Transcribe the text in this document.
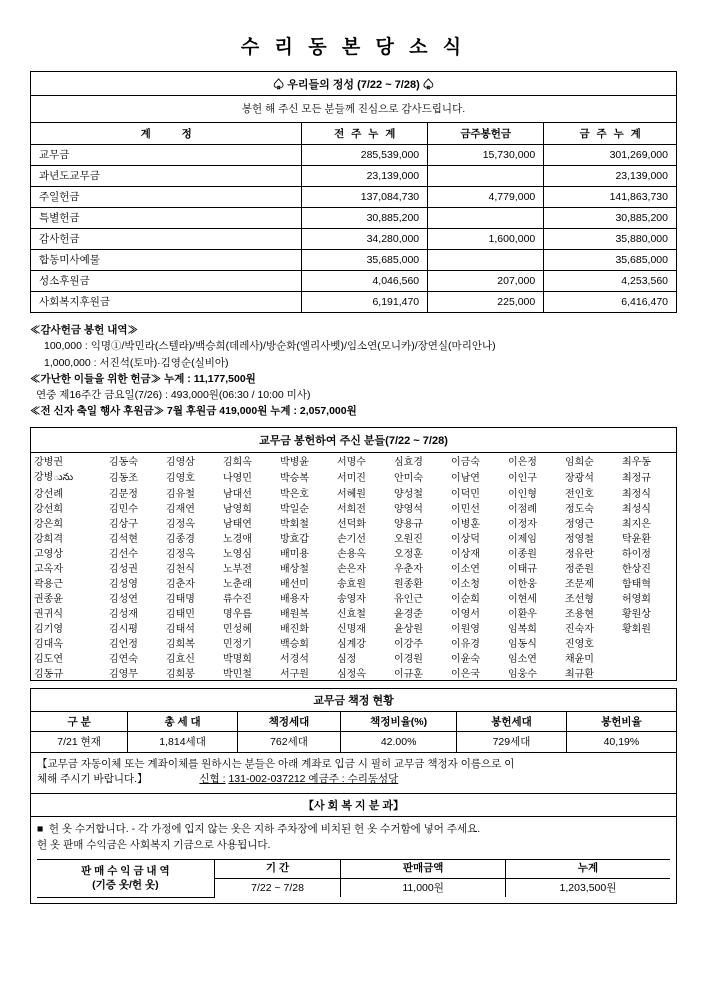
수 리 동 본 당 소 식
♤ 우리들의 정성 (7/22 ~ 7/28) ♤
봉헌 해 주신 모든 분들께 진심으로 감사드립니다.
계 정	전 주 누 계	금주봉헌금	금 주 누 계
교무금	285,539,000	15,730,000	301,269,000
과년도교무금	23,139,000		23,139,000
주일헌금	137,084,730	4,779,000	141,863,730
특별헌금	30,885,200		30,885,200
감사헌금	34,280,000	1,600,000	35,880,000
합동미사예물	35,685,000		35,685,000
성소후원금	4,046,560	207,000	4,253,560
사회복지후원금	6,191,470	225,000	6,416,470
≪감사헌금 봉헌 내역≫
100,000 : 익명①/박민라(스텔라)/백승희(데레사)/방순화(엘리사벳)/임소연(모니카)/장연실(마리안나)
1,000,000 : 서진석(토마)·김영순(실비아)
≪가난한 이들을 위한 헌금≫ 누계 : 11,177,500원
연중 제16주간 금요일(7/26) : 493,000원(06:30 / 10:00 미사)
≪전 신자 축일 행사 후원금≫ 7월 후원금 419,000원 누계 : 2,057,000원
교무금 봉헌하여 주신 분들(7/22 ~ 7/28)
강병권	김동숙	김영삼	김희옥	박병윤	서명수	심효경	이금숙	이은정	임희순	최우동
강병ును	김동조	김영호	나영민	박승복	서미진	안미숙	이남연	이인구	장광석	최정규
강선례	김문정	김유철	남대선	박은호	서혜원	양성철	이덕민	이인형	전인호	최정식
강선희	김민수	김재연	남영희	박일순	서희전	양영석	이민선	이점례	정도숙	최성식
강은희	김상구	김정옥	남태연	박회철	선덕화	양용규	이병훈	이정자	정영근	최지은
강희격	김석현	김종경	노경애	방효갑	손기선	오원진	이상덕	이제임	정영철	탁윤환
고영상	김선수	김정옥	노영심	배미용	손용옥	오정훈	이상재	이종원	정유란	하이정
고옥자	김성권	김천식	노부전	배상철	손은자	우춘자	이소연	이태규	정준원	한상진
곽용근	김성영	김춘자	노춘래	배선미	송효원	원종환	이소청	이한웅	조문제	함태혁
권종윤	김성연	김태명	류수진	배용자	송영자	유인근	이순희	이현세	조선형	허영회
권귀식	김성재	김태민	명우름	배원복	신효철	윤경준	이영서	이환우	조용현	황원상
김기영	김시평	김태석	민성혜	배진화	신명재	윤상원	이원영	임복희	진숙자	황회원
김대옥	김언정	김희복	민정기	백승회	심계강	이강주	이유경	임동식	진영호	
김도연	김연숙	김효신	박명희	서경석	심정	이경원	이윤숙	임소연	채윤미	
김동규	김영무	김희봉	박민철	서구원	심정옥	이규훈	이은국	임웅수	최규환	
교무금 책정 현황
구 분	총 세 대	책정세대	책정비율(%)	봉헌세대	봉헌비율
7/21 현재	1,814세대	762세대	42.00%	729세대	40,19%
【교무금 자동이체 또는 계좌이체를 원하시는 분들은 아래 계좌로 입금 시 필히 교무금 책정자 이름으로 이
체해 주시기 바랍니다.】	신협 : 131-002-037212 예금주 : 수리동성당
【사 회 복 지 분 과】
■ 헌 옷 수거합니다. - 각 가정에 입지 않는 옷은 지하 주차장에 비치된 헌 옷 수거함에 넣어 주세요.
헌 옷 판매 수익금은 사회복지 기금으로 사용됩니다.
판 매 수 익 금 내 역
(기증 옷/헌 옷)	기 간	판매금액	누계
	7/22 ~ 7/28	11,000원	1,203,500원
